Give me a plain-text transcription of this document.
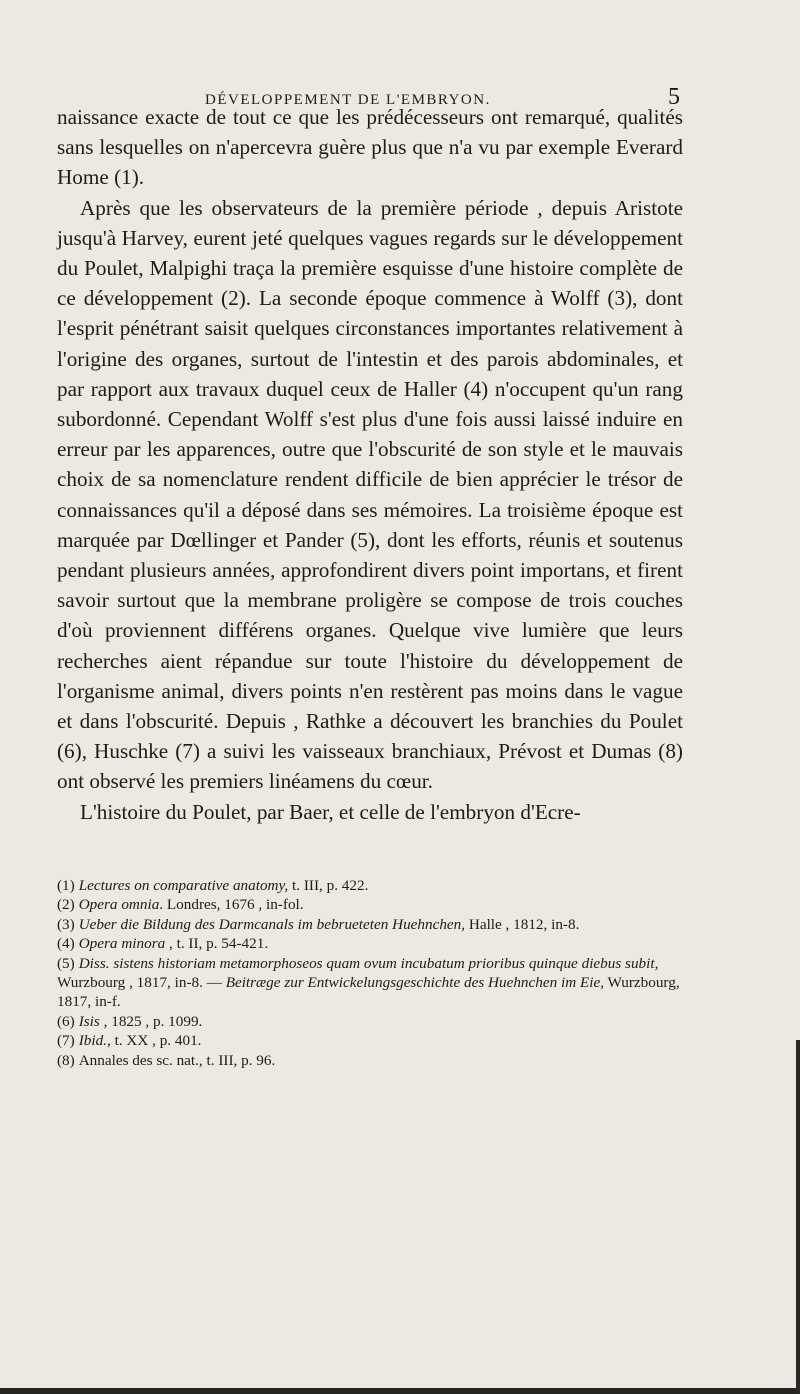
DÉVELOPPEMENT DE L'EMBRYON.	5

naissance exacte de tout ce que les prédécesseurs ont remarqué, qualités sans lesquelles on n'apercevra guère plus que n'a vu par exemple Everard Home (1).

Après que les observateurs de la première période , depuis Aristote jusqu'à Harvey, eurent jeté quelques vagues regards sur le développement du Poulet, Malpighi traça la première esquisse d'une histoire complète de ce développement (2). La seconde époque commence à Wolff (3), dont l'esprit pénétrant saisit quelques circonstances importantes relativement à l'origine des organes, surtout de l'intestin et des parois abdominales, et par rapport aux travaux duquel ceux de Haller (4) n'occupent qu'un rang subordonné. Cependant Wolff s'est plus d'une fois aussi laissé induire en erreur par les apparences, outre que l'obscurité de son style et le mauvais choix de sa nomenclature rendent difficile de bien apprécier le trésor de connaissances qu'il a déposé dans ses mémoires. La troisième époque est marquée par Dœllinger et Pander (5), dont les efforts, réunis et soutenus pendant plusieurs années, approfondirent divers point importans, et firent savoir surtout que la membrane proligère se compose de trois couches d'où proviennent différens organes. Quelque vive lumière que leurs recherches aient répandue sur toute l'histoire du développement de l'organisme animal, divers points n'en restèrent pas moins dans le vague et dans l'obscurité. Depuis , Rathke a découvert les branchies du Poulet (6), Huschke (7) a suivi les vaisseaux branchiaux, Prévost et Dumas (8) ont observé les premiers linéamens du cœur.

L'histoire du Poulet, par Baer, et celle de l'embryon d'Ecre-

(1) Lectures on comparative anatomy, t. III, p. 422.

(2) Opera omnia. Londres, 1676 , in-fol.

(3) Ueber die Bildung des Darmcanals im bebrueteten Huehnchen, Halle , 1812, in-8.

(4) Opera minora , t. II, p. 54-421.

(5) Diss. sistens historiam metamorphoseos quam ovum incubatum prioribus quinque diebus subit, Wurzbourg , 1817, in-8. — Beitræge zur Entwickelungsgeschichte des Huehnchen im Eie, Wurzbourg, 1817, in-f.

(6) Isis , 1825 , p. 1099.

(7) Ibid., t. XX , p. 401.

(8) Annales des sc. nat., t. III, p. 96.
